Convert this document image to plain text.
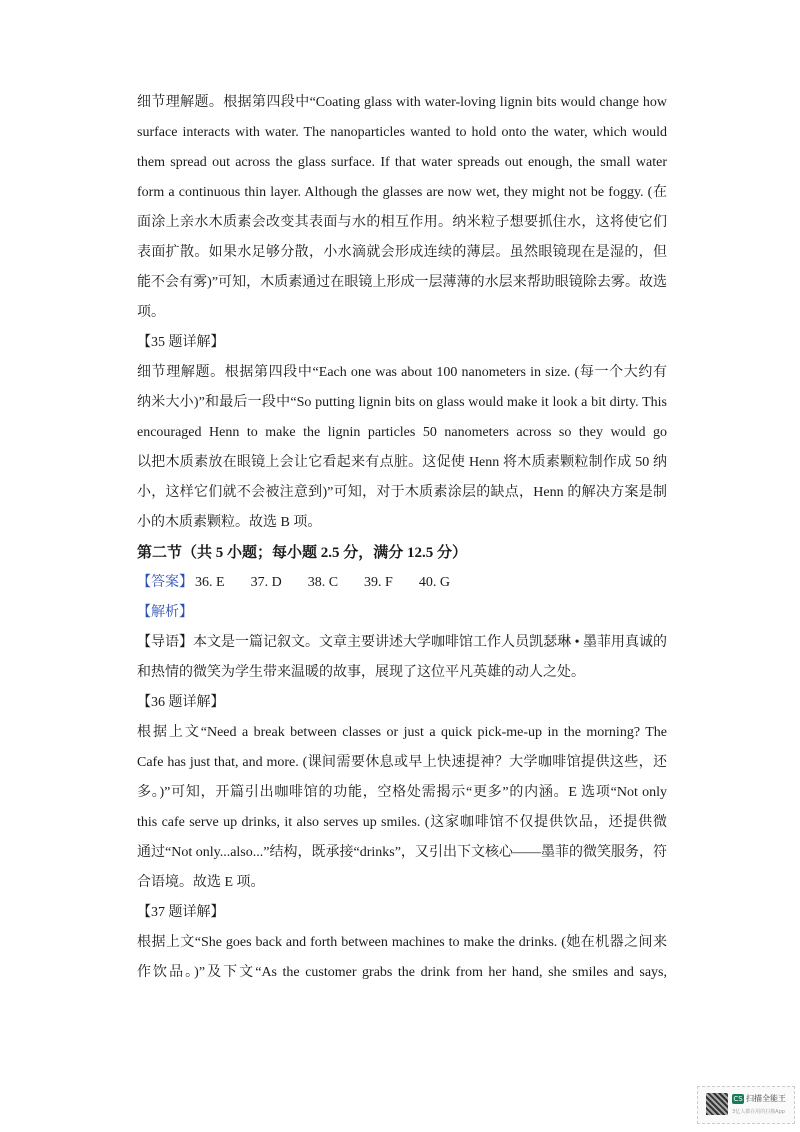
细节理解题。根据第四段中“Coating glass with water-loving lignin bits would change how
surface interacts with water. The nanoparticles wanted to hold onto the water, which would
them spread out across the glass surface. If that water spreads out enough, the small water
form a continuous thin layer. Although the glasses are now wet, they might not be foggy. (在
面涂上亲水木质素会改变其表面与水的相互作用。纳米粒子想要抓住水，这将使它们
表面扩散。如果水足够分散，小水滴就会形成连续的薄层。虽然眼镜现在是湿的，但
能不会有雾)”可知，木质素通过在眼镜上形成一层薄薄的水层来帮助眼镜除去雾。故选
项。
【35 题详解】
细节理解题。根据第四段中“Each one was about 100 nanometers in size. (每一个大约有
纳米大小)”和最后一段中“So putting lignin bits on glass would make it look a bit dirty. This
encouraged Henn to make the lignin particles 50 nanometers across so they would go
以把木质素放在眼镜上会让它看起来有点脏。这促使 Henn 将木质素颗粒制作成 50 纳
小，这样它们就不会被注意到)”可知，对于木质素涂层的缺点，Henn 的解决方案是制
小的木质素颗粒。故选 B 项。
第二节（共 5 小题；每小题 2.5 分，满分 12.5 分）
【答案】 36. E 37. D 38. C 39. F 40. G
【解析】
【导语】本文是一篇记叙文。文章主要讲述大学咖啡馆工作人员凯瑟琳 • 墨菲用真诚的
和热情的微笑为学生带来温暖的故事，展现了这位平凡英雄的动人之处。
【36 题详解】
根据上文“Need a break between classes or just a quick pick-me-up in the morning? The
Cafe has just that, and more. (课间需要休息或早上快速提神？大学咖啡馆提供这些，还
多。)”可知，开篇引出咖啡馆的功能，空格处需揭示“更多”的内涵。E 选项“Not only
this cafe serve up drinks, it also serves up smiles. (这家咖啡馆不仅提供饮品，还提供微
通过“Not only...also...”结构，既承接“drinks”，又引出下文核心——墨菲的微笑服务，符
合语境。故选 E 项。
【37 题详解】
根据上文“She goes back and forth between machines to make the drinks. (她在机器之间来
作饮品。)”及下文“As the customer grabs the drink from her hand, she smiles and says,
CS 扫描全能王
3亿人都在用的扫描App
